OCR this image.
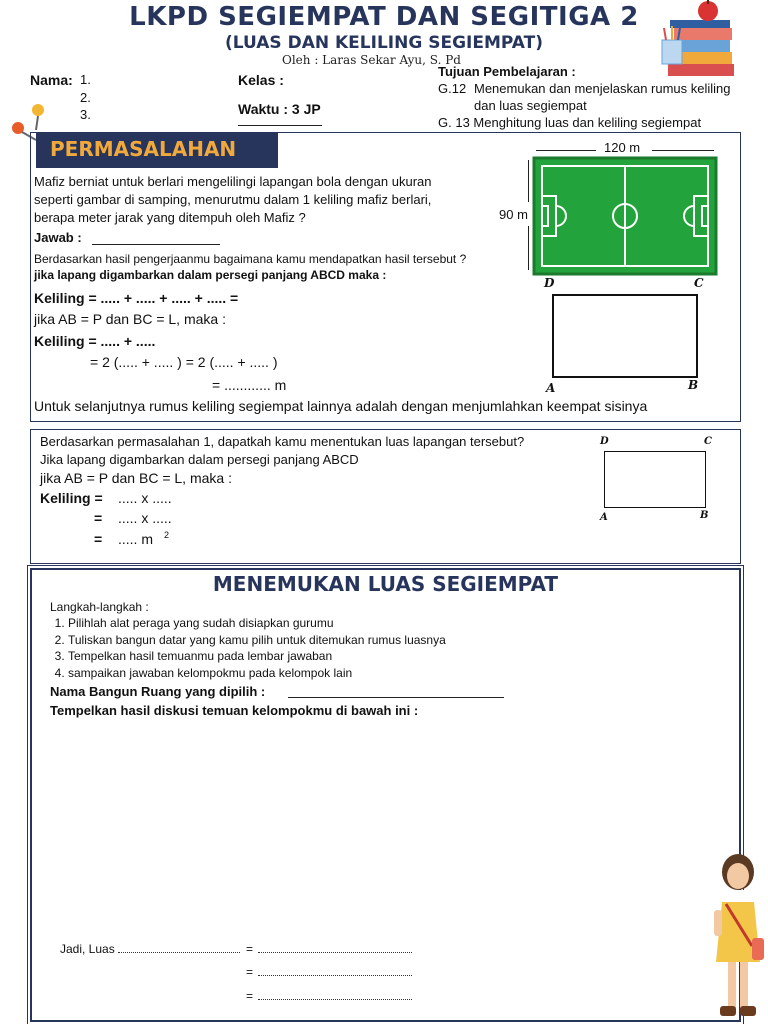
LKPD SEGIEMPAT DAN SEGITIGA 2
(LUAS DAN KELILING SEGIEMPAT)
Oleh : Laras Sekar Ayu, S. Pd
Nama: 1.
2.
3.
Kelas :
Waktu : 3 JP
Tujuan Pembelajaran :
G.12 Menemukan dan menjelaskan rumus keliling
dan luas segiempat
G. 13 Menghitung luas dan keliling segiempat
PERMASALAHAN
Mafiz berniat untuk berlari mengelilingi lapangan bola dengan ukuran
seperti gambar di samping, menurutmu dalam 1 keliling mafiz berlari,
berapa meter jarak yang ditempuh oleh Mafiz ?
Jawab :
Berdasarkan hasil pengerjaanmu bagaimana kamu mendapatkan hasil tersebut ?
jika lapang digambarkan dalam persegi panjang ABCD maka :
Keliling = ..... + ..... + ..... + ..... =
jika AB = P dan BC = L, maka :
Keliling = ..... + .....
= 2 (..... + ..... ) = 2 (..... + ..... )
= ............ m
Untuk selanjutnya rumus keliling segiempat lainnya adalah dengan menjumlahkan keempat sisinya
120 m
90 m
D	C
A	B
Berdasarkan permasalahan 1, dapatkah kamu menentukan luas lapangan tersebut?
Jika lapang digambarkan dalam persegi panjang ABCD
jika AB = P dan BC = L, maka :
Keliling = ..... x .....
= ..... x .....
= ..... m 2
D	C
A	B
MENEMUKAN LUAS SEGIEMPAT
Langkah-langkah :
1. Pilihlah alat peraga yang sudah disiapkan gurumu
2. Tuliskan bangun datar yang kamu pilih untuk ditemukan rumus luasnya
3. Tempelkan hasil temuanmu pada lembar jawaban
4. sampaikan jawaban kelompokmu pada kelompok lain
Nama Bangun Ruang yang dipilih :
Tempelkan hasil diskusi temuan kelompokmu di bawah ini :
Jadi, Luas	=
=
=
